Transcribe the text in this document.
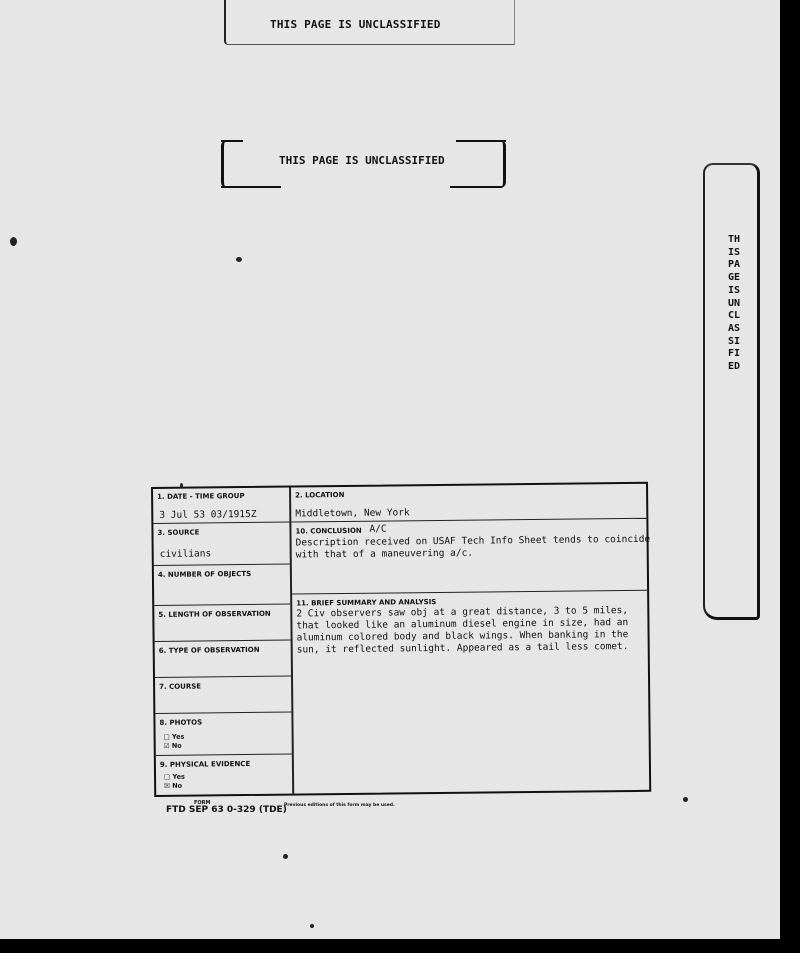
THIS PAGE IS UNCLASSIFIED
THIS PAGE IS UNCLASSIFIED
THIS PAGE IS UNCLASSIFIED
1. DATE - TIME GROUP
3 Jul 53 03/1915Z
3. SOURCE
civilians
4. NUMBER OF OBJECTS
5. LENGTH OF OBSERVATION
6. TYPE OF OBSERVATION
7. COURSE
8. PHOTOS
□ Yes
☑ No
9. PHYSICAL EVIDENCE
□ Yes
☒ No
2. LOCATION
Middletown, New York
10. CONCLUSION A/C
Description received on USAF Tech Info Sheet tends to coincide
with that of a maneuvering a/c.
11. BRIEF SUMMARY AND ANALYSIS
2 Civ observers saw obj at a great distance, 3 to 5 miles,
that looked like an aluminum diesel engine in size, had an
aluminum colored body and black wings. When banking in the
sun, it reflected sunlight. Appeared as a tail less comet.
FORM
FTD SEP 63 0-329 (TDE)
Previous editions of this form may be used.
